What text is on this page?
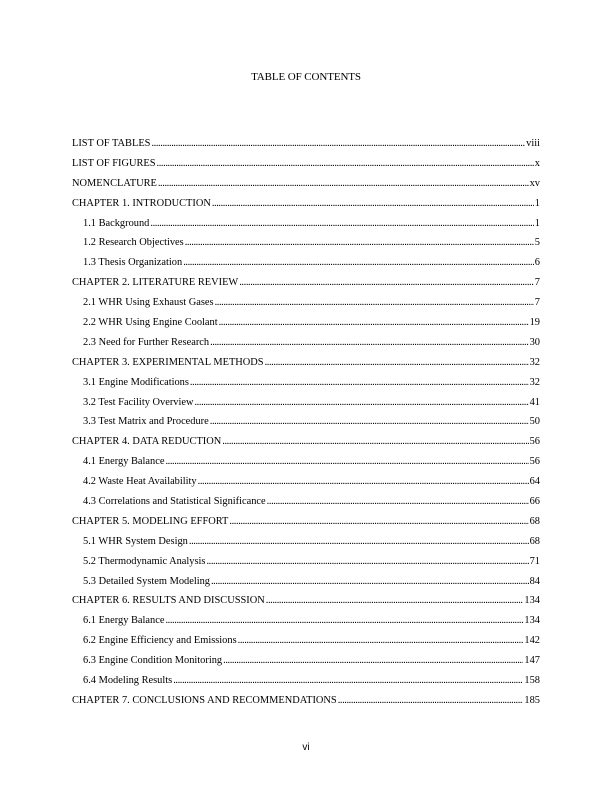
TABLE OF CONTENTS
LIST OF TABLES . . .	viii
LIST OF FIGURES . . .	x
NOMENCLATURE . . .	xv
CHAPTER 1. INTRODUCTION . . .	1
1.1 Background . . .	1
1.2 Research Objectives . . .	5
1.3 Thesis Organization . . .	6
CHAPTER 2. LITERATURE REVIEW . . .	7
2.1 WHR Using Exhaust Gases . . .	7
2.2 WHR Using Engine Coolant . . .	19
2.3 Need for Further Research . . .	30
CHAPTER 3. EXPERIMENTAL METHODS . . .	32
3.1 Engine Modifications . . .	32
3.2 Test Facility Overview . . .	41
3.3 Test Matrix and Procedure . . .	50
CHAPTER 4. DATA REDUCTION . . .	56
4.1 Energy Balance . . .	56
4.2 Waste Heat Availability . . .	64
4.3 Correlations and Statistical Significance . . .	66
CHAPTER 5. MODELING EFFORT . . .	68
5.1 WHR System Design . . .	68
5.2 Thermodynamic Analysis . . .	71
5.3 Detailed System Modeling . . .	84
CHAPTER 6. RESULTS AND DISCUSSION . . .	134
6.1 Energy Balance . . .	134
6.2 Engine Efficiency and Emissions . . .	142
6.3 Engine Condition Monitoring . . .	147
6.4 Modeling Results . . .	158
CHAPTER 7. CONCLUSIONS AND RECOMMENDATIONS . . .	185
vi
